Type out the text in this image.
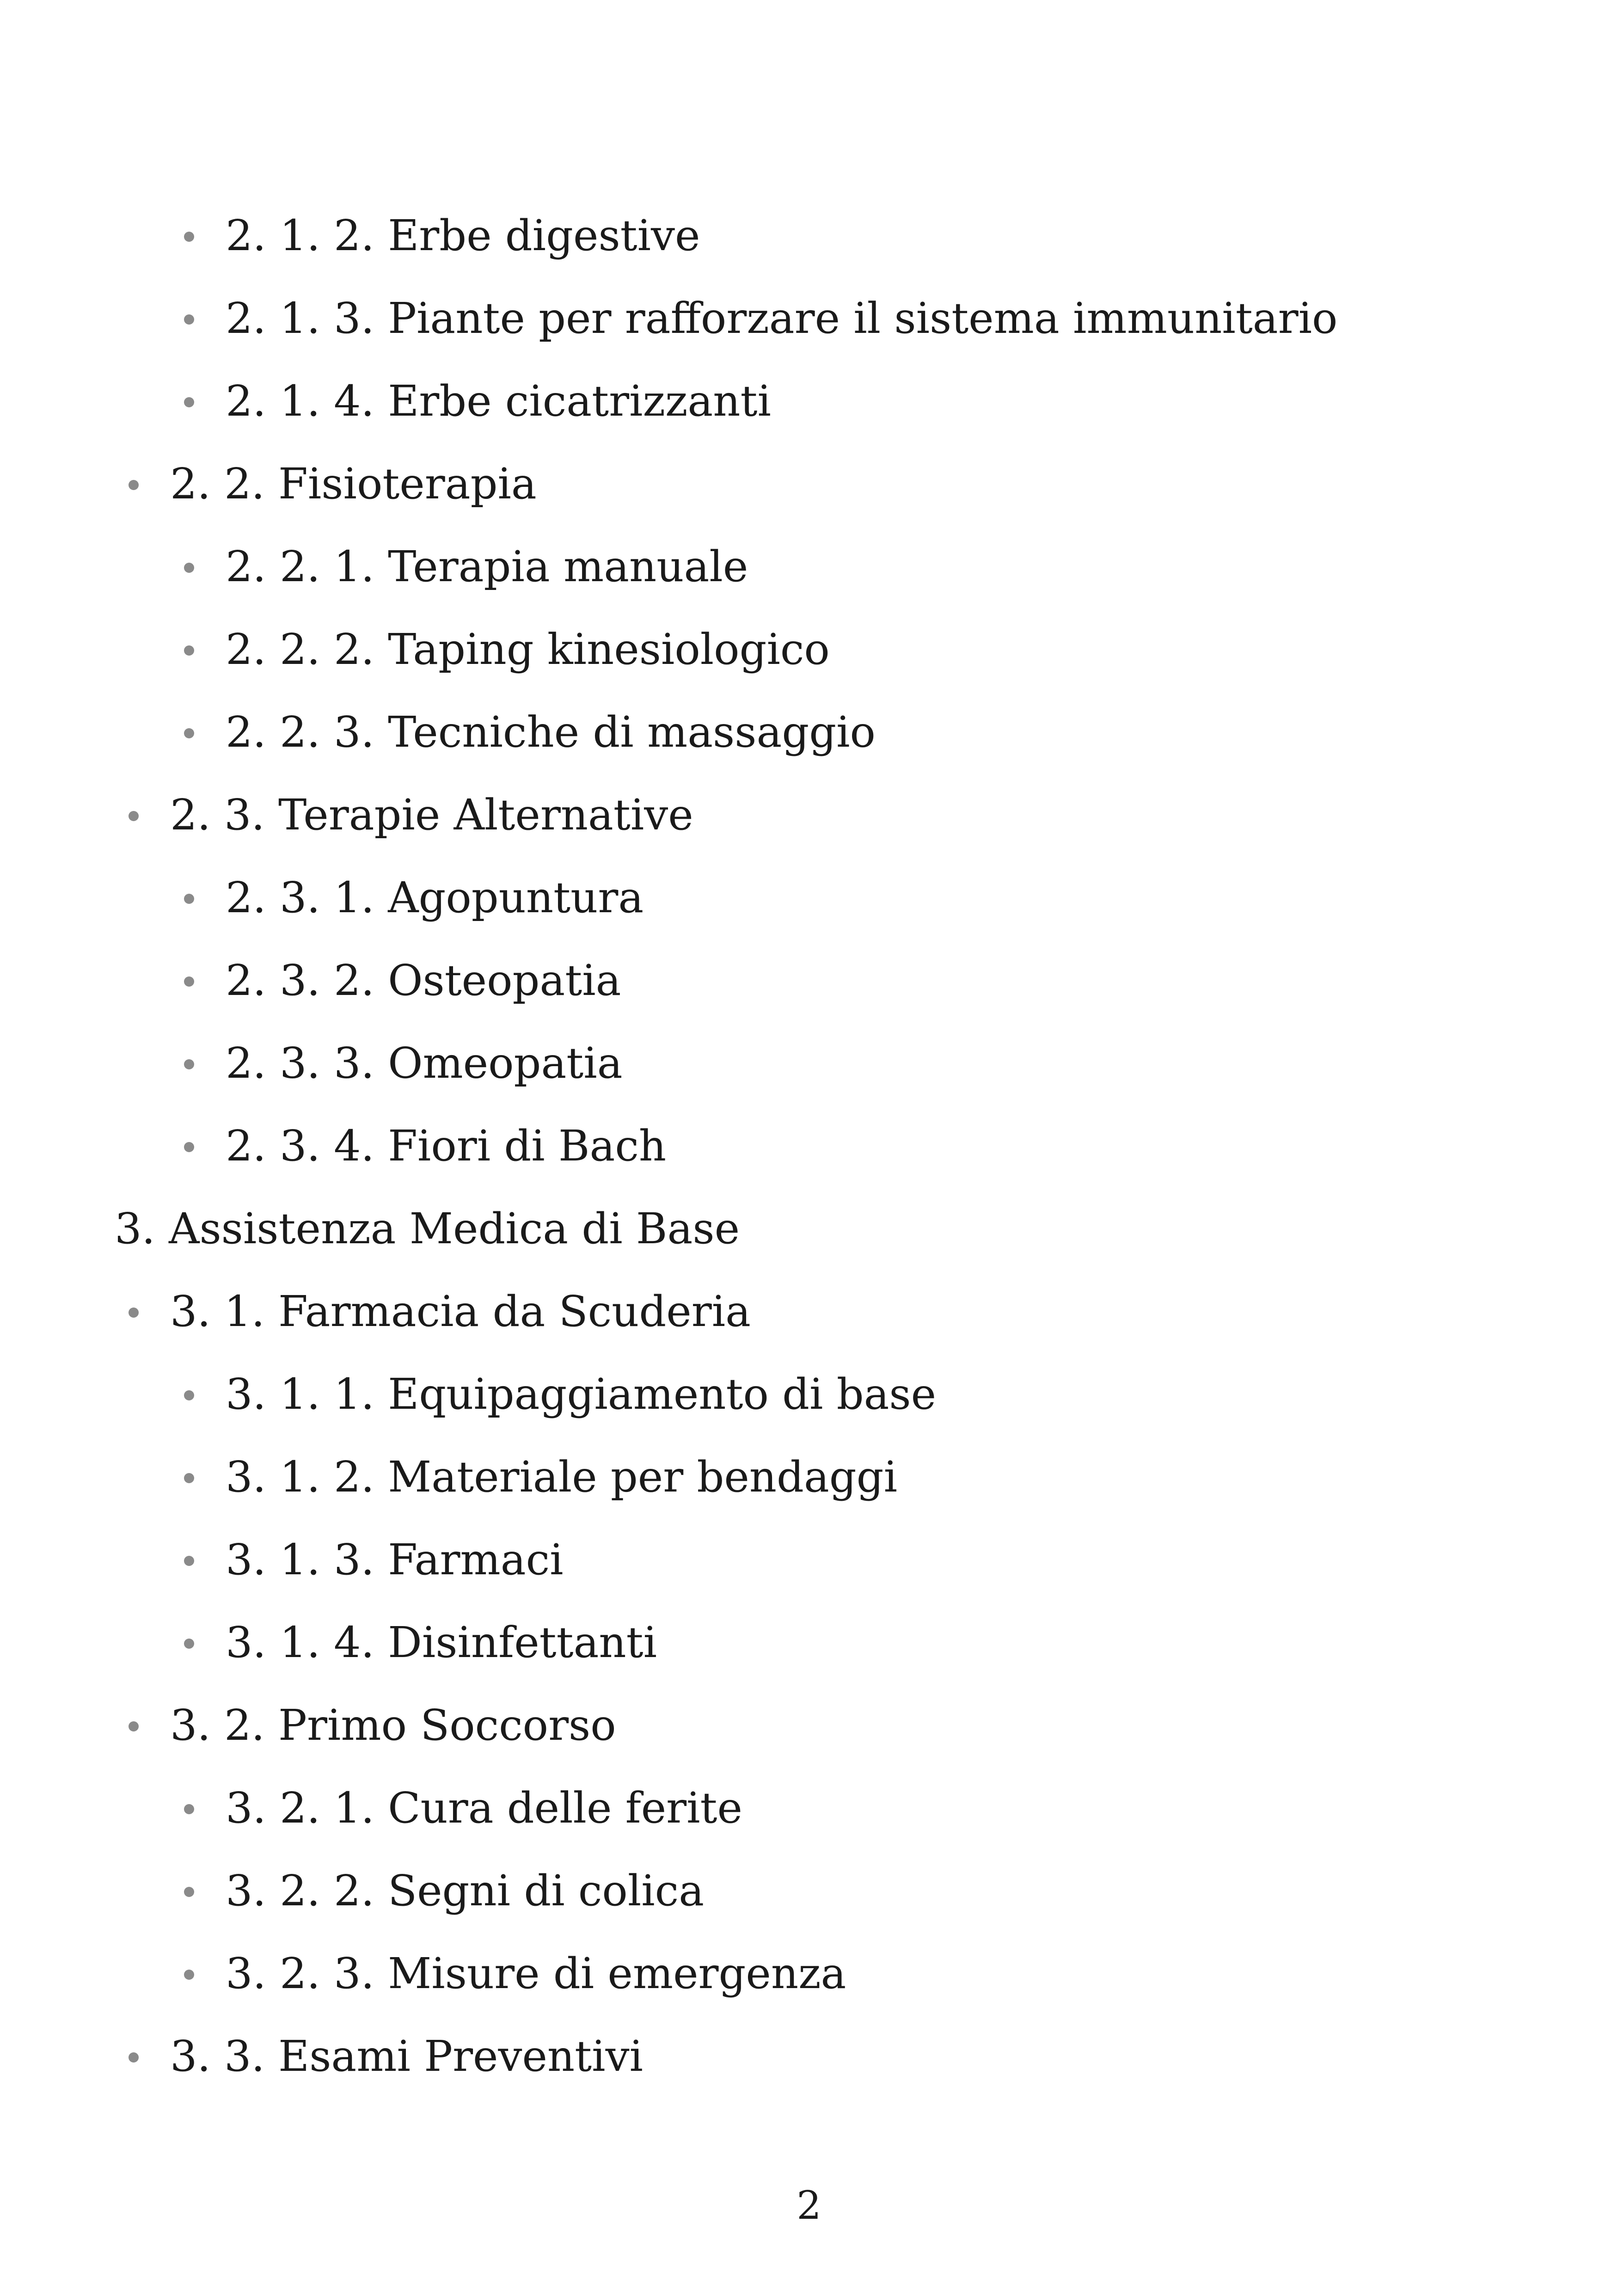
2. 1. 2. Erbe digestive
2. 1. 3. Piante per rafforzare il sistema immunitario
2. 1. 4. Erbe cicatrizzanti
2. 2. Fisioterapia
2. 2. 1. Terapia manuale
2. 2. 2. Taping kinesiologico
2. 2. 3. Tecniche di massaggio
2. 3. Terapie Alternative
2. 3. 1. Agopuntura
2. 3. 2. Osteopatia
2. 3. 3. Omeopatia
2. 3. 4. Fiori di Bach
3. Assistenza Medica di Base
3. 1. Farmacia da Scuderia
3. 1. 1. Equipaggiamento di base
3. 1. 2. Materiale per bendaggi
3. 1. 3. Farmaci
3. 1. 4. Disinfettanti
3. 2. Primo Soccorso
3. 2. 1. Cura delle ferite
3. 2. 2. Segni di colica
3. 2. 3. Misure di emergenza
3. 3. Esami Preventivi
2
